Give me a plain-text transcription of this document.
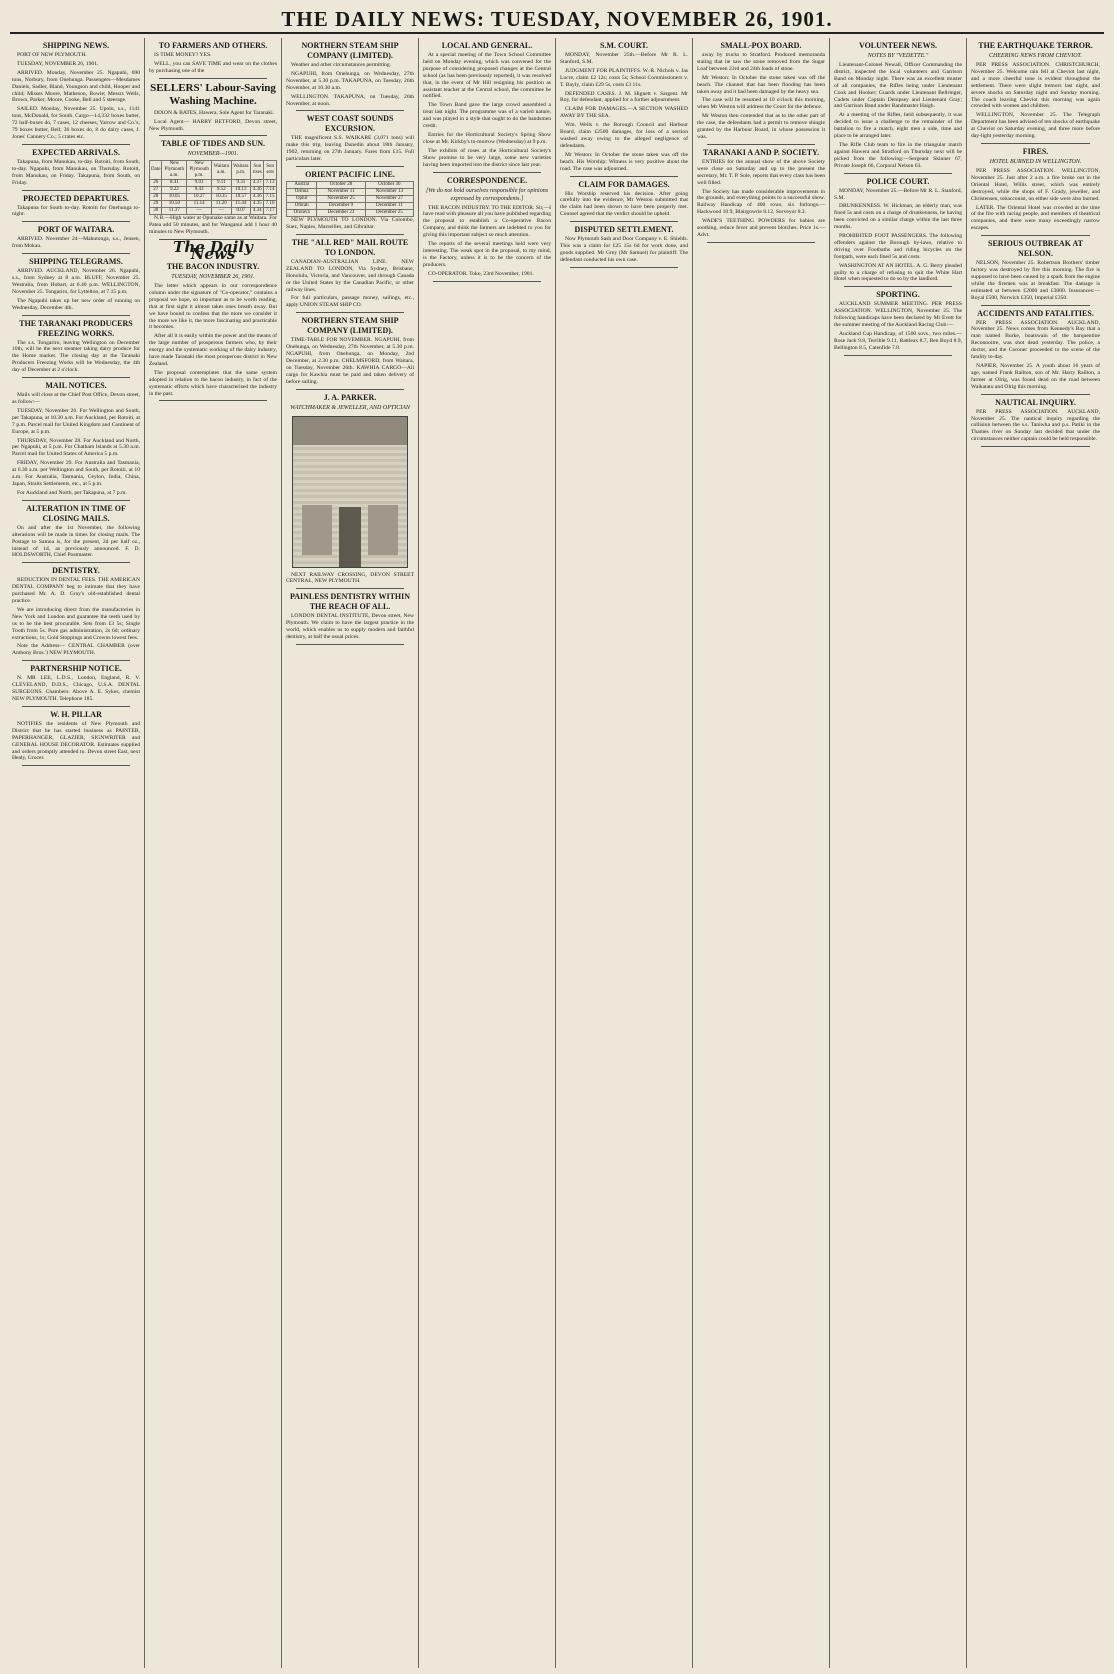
THE DAILY NEWS: TUESDAY, NOVEMBER 26, 1901.
SHIPPING NEWS.

PORT OF NEW PLYMOUTH.

TUESDAY, NOVEMBER 26, 1901.

ARRIVED. Monday, November 25. Ngapuhi, 690 tons, Norbury, from Onehunga. Passengers—Mesdames Daniels, Sadler, Bland, Youngson and child, Hooper and child; Misses Moore, Matheson, Bowie; Messrs Wells, Brown, Parker, Moore, Cooke, Bell and 5 steerage.

SAILED. Monday, November 25. Upolu, s.s., 1141 tons, McDonald, for South. Cargo—14,332 boxes butter, 72 half-boxes do, 7 cases, 12 cheeses, Yarrow and Co.'s; 79 boxes butter, Bell; 36 boxes do, 8 do dairy cases, J. Jones' Cannery Co.; 5 crates etc.

EXPECTED ARRIVALS.

Takapuna, from Manukau, to-day. Rotoiti, from South, to-day. Ngapuhi, from Manukau, on Thursday. Rotoiti, from Manukau, on Friday. Takapuna, from South, on Friday.

PROJECTED DEPARTURES.

Takapuna for South to-day. Rotoiti for Onehunga to-night.

PORT OF WAITARA.

ARRIVED. November 24—Mahutonga, s.s., Jensen, from Mokau.

SHIPPING TELEGRAMS.

ARRIVED. AUCKLAND, November 26. Ngapuhi, s.s., from Sydney at 8 a.m. BLUFF, November 25. Westralia, from Hobart, at 6.40 p.m. WELLINGTON, November 25. Tongariro, for Lyttelton, at 7.15 p.m.

The Ngapuhi takes up her new order of running on Wednesday, December 4th.

THE TARANAKI PRODUCERS FREEZING WORKS.

The s.s. Tongariro, leaving Wellington on December 10th, will be the next steamer taking dairy produce for the Home market. The closing day at the Taranaki Producers Freezing Works will be Wednesday, the 4th day of December at 2 o'clock.

MAIL NOTICES.

Mails will close at the Chief Post Office, Devon street, as follow:—

TUESDAY, November 26. For Wellington and South, per Takapuna, at 10.30 a.m. For Auckland, per Rotoiti, at 7 p.m. Parcel mail for United Kingdom and Continent of Europe, at 5 p.m.

THURSDAY, November 28. For Auckland and North, per Ngapuhi, at 5 p.m. For Chatham Islands at 5.30 a.m. Parcel mail for United States of America 5 p.m.

FRIDAY, November 29. For Australia and Tasmania, at 6.30 a.m. per Wellington and South, per Rotoiti, at 10 a.m. For Australia, Tasmania, Ceylon, India, China, Japan, Straits Settlements, etc., at 5 p.m.

For Auckland and North, per Takapuna, at 7 p.m.

ALTERATION IN TIME OF CLOSING MAILS.

On and after the 1st November, the following alterations will be made in times for closing mails. The Postage to Samoa is, for the present, 2d per half oz., instead of 1d, as previously announced. F. D. HOLDSWORTH, Chief Postmaster.

DENTISTRY.

REDUCTION IN DENTAL FEES. THE AMERICAN DENTAL COMPANY beg to intimate that they have purchased Mr. A. D. Gray's old-established dental practice.

We are introducing direct from the manufactories in New York and London and guarantee the teeth used by us to be the best procurable. Sets from £3 5s; Single Tooth from 5s. Pure gas administration, 2s 6d; ordinary extractions, 1s; Gold Stoppings and Crowns lowest fees.

Note the Address— CENTRAL CHAMBER (over Anthony Bros.') NEW PLYMOUTH.

PARTNERSHIP NOTICE.

N. MR LEE, L.D.S., London, England, R. V. CLEVELAND, D.D.S., Chicago, U.S.A. DENTAL SURGEONS. Chambers: Above A. E. Sykes, chemist NEW PLYMOUTH. Telephone 185.

W. H. PILLAR

NOTIFIES the residents of New Plymouth and District that he has started business as PAINTER, PAPERHANGER, GLAZIER, SIGNWRITER and GENERAL HOUSE DECORATOR. Estimates supplied and orders promptly attended to. Devon street East, next Healy, Grocer.

TO FARMERS AND OTHERS.

IS TIME MONEY? YES.

WELL, you can SAVE TIME and wear on the clothes by purchasing one of the

SELLERS' Labour-Saving Washing Machine.

DIXON & BATES, Hawera, Sole Agent for Taranaki.

Local Agent— HARRY RETFORD, Devon street, New Plymouth.

TABLE OF TIDES AND SUN.
NOVEMBER—1901.
Date	New Plymouth a.m.	New Plymouth p.m.	Waitara a.m.	Waitara p.m.	Sun rises	Sun sets
26	8.41	9.01	9.11	9.31	4.37	7.13
27	9.22	9.43	9.52	10.13	4.36	7.14
28	10.05	10.27	10.35	10.57	4.36	7.15
29	10.50	11.14	11.20	11.44	4.35	7.16
30	11.37	—	—	0.07	4.34	7.17

N.B.—High water at Opunake same as at Waitara. For Patea add 50 minutes, and for Wanganui add 1 hour 40 minutes to New Plymouth.

The Daily News
THE BACON INDUSTRY.
TUESDAY, NOVEMBER 26, 1901.

The letter which appears in our correspondence column under the signature of "Co-operator," contains a proposal we hope, so important as to be worth reading, that at first sight it almost takes ones breath away. But we have bound to confess that the more we consider it the more we like it, the more fascinating and practicable it becomes.

After all it is easily within the power and the means of the large number of prosperous farmers who, by their energy and the systematic working of the dairy industry, have made Taranaki the most prosperous district in New Zealand.

The proposal contemplates that the same system adopted in relation to the bacon industry, in fact of the systematic efforts which have characterised the industry in the past.

NORTHERN STEAM SHIP COMPANY (LIMITED).

Weather and other circumstances permitting.

NGAPUHI, from Onehunga, on Wednesday, 27th November, at 5.30 p.m. TAKAPUNA, on Tuesday, 26th November, at 10.30 a.m.

WELLINGTON. TAKAPUNA, on Tuesday, 26th November, at noon.

WEST COAST SOUNDS EXCURSION.

THE magnificent S.S. WAIKARE (3,071 tons) will make this trip, leaving Dunedin about 18th January, 1902, returning on 27th January. Fares from £15. Full particulars later.

ORIENT PACIFIC LINE.
Austral	October 28	October 30
Ormuz	November 11	November 13
Ophir	November 25	November 27
Omrah	December 9	December 11
Orotava	December 23	December 25

NEW PLYMOUTH TO LONDON. Via Colombo, Suez, Naples, Marseilles, and Gibraltar.

THE "ALL RED" MAIL ROUTE TO LONDON.

CANADIAN-AUSTRALIAN LINE. NEW ZEALAND TO LONDON, Via Sydney, Brisbane, Honolulu, Victoria, and Vancouver, and through Canada or the United States by the Canadian Pacific, or other railway lines.

For full particulars, passage money, sailings, etc., apply UNION STEAM SHIP CO.

NORTHERN STEAM SHIP COMPANY (LIMITED).

TIME-TABLE FOR NOVEMBER. NGAPUHI, from Onehunga, on Wednesday, 27th November, at 5.30 p.m. NGAPUHI, from Onehunga, on Monday, 2nd December, at 2.30 p.m. CHELMSFORD, from Waitara, on Tuesday, November 26th. KAWHIA CARGO—All cargo for Kawhia must be paid and taken delivery of before sailing.

J. A. PARKER.
WATCHMAKER & JEWELLER, AND OPTICIAN

NEXT RAILWAY CROSSING, DEVON STREET CENTRAL, NEW PLYMOUTH.

PAINLESS DENTISTRY WITHIN THE REACH OF ALL.

LONDON DENTAL INSTITUTE, Devon street, New Plymouth. We claim to have the largest practice in the world, which enables us to supply modern and faithful dentistry, at half the usual prices.

LOCAL AND GENERAL.

At a special meeting of the Town School Committee held on Monday evening, which was convened for the purpose of considering proposed changes at the Central school (as has been previously reported), it was resolved that, in the event of Mr Hill resigning his position as assistant teacher at the Central school, the committee be notified.

The Town Band gave the large crowd assembled a treat last night. The programme was of a varied nature, and was played in a style that ought to do the bandsmen credit.

Entries for the Horticultural Society's Spring Show close at Mr. Kirkby's to-morrow (Wednesday) at 9 p.m.

The exhibits of roses at the Horticultural Society's Show promise to be very large, some new varieties having been imported into the district since last year.

CORRESPONDENCE.
[We do not hold ourselves responsible for opinions expressed by correspondents.]

THE BACON INDUSTRY. TO THE EDITOR. Sir,—I have read with pleasure all you have published regarding the proposal to establish a Co-operative Bacon Company, and think the farmers are indebted to you for giving this important subject so much attention.

The reports of the several meetings held were very interesting. The weak spot in the proposal, to my mind, is the Factory, unless it is to be the concern of the producers.

CO-OPERATOR. Toko, 23rd November, 1901.

S.M. COURT.

MONDAY, November 25th.—Before Mr R. L. Stanford, S.M.

JUDGMENT FOR PLAINTIFFS. W. R. Nichols v. Jas Lucre, claim £2 12s; costs 5s; School Commissioners v. T. Bayly, claim £29 5s, costs £3 11s.

DEFENDED CASES. J. M. Hignett v. Sargent. Mr Roy, for defendant, applied for a further adjournment.

CLAIM FOR DAMAGES.—A SECTION WASHED AWAY BY THE SEA.

Wm. Wells v. the Borough Council and Harbour Board, claim £2500 damages, for loss of a section washed away owing to the alleged negligence of defendants.

Mr Weston: In October the stone taken was off the beach. His Worship: Witness is very positive about the road. The case was adjourned.

CLAIM FOR DAMAGES.

His Worship reserved his decision. After going carefully into the evidence, Mr Weston submitted that the claim had been shown to have been properly met. Counsel agreed that the verdict should be upheld.

DISPUTED SETTLEMENT.

Now Plymouth Sash and Door Company v. E. Shields. This was a claim for £25 15s 6d for work done, and goods supplied. Mr Grey (Mr Samuel) for plaintiff. The defendant conducted his own case.

SMALL-POX BOARD.

away by trucks to Stratford. Produced memoranda stating that he saw the stone removed from the Sugar Loaf between 23rd and 24th loads of stone.

Mr Weston: In October the stone taken was off the beach. The channel that has been flooding has been taken away and it had been damaged by the heavy sea.

The case will be resumed at 10 o'clock this morning, when Mr Weston will address the Court for the defence.

Mr Weston then contended that as to the other part of the case, the defendants had a permit to remove shingle granted by the Harbour Board, in whose possession it was.

TARANAKI A AND P. SOCIETY.

ENTRIES for the annual show of the above Society were close on Saturday and up to the present the secretary, Mr. T. P. Sole, reports that every class has been well filled.

The Society has made considerable improvements in the grounds, and everything points to a successful show. Railway Handicap of 400 rows, six furlongs.—Hackwood 10.9, Blairgowrie 8.12, Surveyor 8.2.

WADE'S TEETHING POWDERS for babies are soothing, reduce fever and prevent blotches. Price 1s.—Advt.

VOLUNTEER NEWS.
NOTES BY "VEDETTE."

Lieutenant-Colonel Newall, Officer Commanding the district, inspected the local volunteers and Garrison Band on Monday night. There was an excellent muster of all companies, the Rifles being under Lieutenant Cook and Hooker; Guards under Lieutenant Bellringer, Cadets under Captain Dempsey and Lieutenant Gray; and Garrison Band under Bandmaster Haigh.

At a meeting of the Rifles, held subsequently, it was decided to issue a challenge to the remainder of the battalion to fire a match, eight men a side, time and place to be arranged later.

The Rifle Club team to fire in the triangular match against Hawera and Stratford on Thursday next will be picked from the following:—Sergeant Skinner 67, Private Joseph 66, Corporal Nelson 63.

POLICE COURT.

MONDAY, November 25.—Before Mr R. L. Stanford, S.M.

DRUNKENNESS. W. Hickman, an elderly man, was fined 5s and costs on a charge of drunkenness, he having been convicted on a similar charge within the last three months.

PROHIBITED FOOT PASSENGERS. The following offenders against the Borough by-laws, relative to driving over Footbaths and riding bicycles on the footpath, were each fined 5s and costs.

WASHINGTON AT AN HOTEL. A. G. Berry pleaded guilty to a charge of refusing to quit the White Hart Hotel when requested to do so by the landlord.

SPORTING.

AUCKLAND SUMMER MEETING. PER PRESS ASSOCIATION. WELLINGTON, November 25. The following handicaps have been declared by Mr Evett for the summer meeting of the Auckland Racing Club:—

Auckland Cup Handicap, of 1500 sovs., two miles.—Rose Jack 9.8, Terrible 9.11, Battleax 8.7, Ben Boyd 8.9, Bellington 8.5, Catenfide 7.8.

THE EARTHQUAKE TERROR.
CHEERING NEWS FROM CHEVIOT.

PER PRESS ASSOCIATION. CHRISTCHURCH, November 25. Welcome rain fell at Cheviot last night, and a more cheerful tone is evident throughout the settlement. There were slight tremors last night, and severe shocks on Saturday night and Sunday morning. The coach leaving Cheviot this morning was again crowded with women and children.

WELLINGTON, November 25. The Telegraph Department has been advised of ten shocks of earthquake at Cheviot on Saturday evening, and three more before day-light yesterday morning.

FIRES.
HOTEL BURNED IN WELLINGTON.

PER PRESS ASSOCIATION. WELLINGTON, November 25. Just after 2 a.m. a fire broke out in the Oriental Hotel, Willis street, which was entirely destroyed, while the shops of F. Grady, jeweller, and Christensen, tobacconist, on either side were also burned.

LATER. The Oriental Hotel was crowded at the time of the fire with racing people, and members of theatrical companies, and there were many exceedingly narrow escapes.

SERIOUS OUTBREAK AT NELSON.

NELSON, November 25. Robertson Brothers' timber factory was destroyed by fire this morning. The fire is supposed to have been caused by a spark from the engine whilst the firemen was at breakfast. The damage is estimated at between £2000 and £3000. Insurances:—Royal £500, Norwich £350, Imperial £350.

ACCIDENTS AND FATALITIES.

PER PRESS ASSOCIATION. AUCKLAND, November 25. News comes from Kennedy's Bay that a man named Burke, boatswain of the barquentine Reconnoitre, was shot dead yesterday. The police, a doctor, and the Coroner proceeded to the scene of the fatality to-day.

NAPIER, November 25. A youth about 16 years of age, named Frank Railton, son of Mr. Harry Railton, a farmer at Olrig, was found dead on the road between Waikatatu and Olrig this morning.

NAUTICAL INQUIRY.

PER PRESS ASSOCIATION. AUCKLAND, November 25. The nautical inquiry regarding the collision between the s.s. Taniwha and p.s. Patiki in the Thames river on Sunday last decided that under the circumstances neither captain could be held responsible.
